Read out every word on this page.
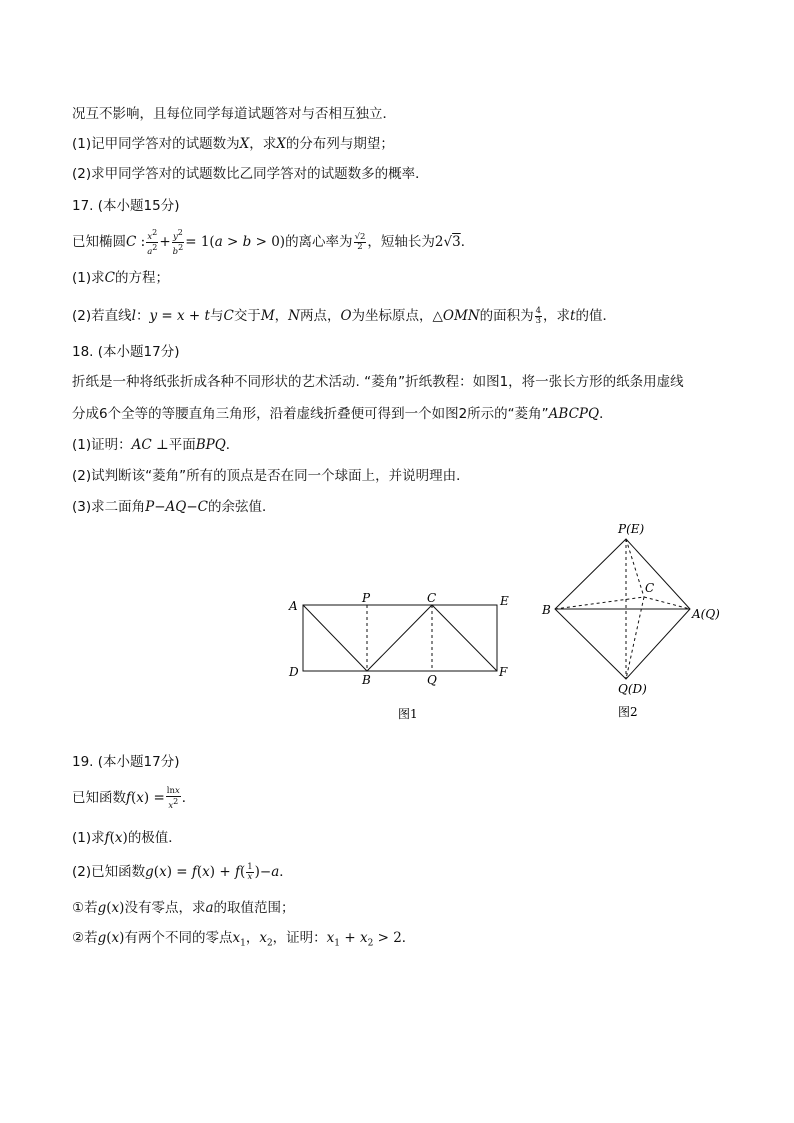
况互不影响，且每位同学每道试题答对与否相互独立．
(1)记甲同学答对的试题数为X，求X的分布列与期望；
(2)求甲同学答对的试题数比乙同学答对的试题数多的概率．
17. (本小题15分)
已知椭圆C : $\frac{x^2}{a^2} + \frac{y^2}{b^2} = 1(a > b > 0)$的离心率为 $\frac{√2}{2}$ ，短轴长为2√3．
(1)求C的方程；
(2)若直线l：y = x + t与C交于M，N两点，O为坐标原点，△OMN的面积为 $\frac{4}{3}$ ，求t的值．
18. (本小题17分)
折纸是一种将纸张折成各种不同形状的艺术活动. “菱角”折纸教程：如图1，将一张长方形的纸条用虚线
分成6个全等的等腰直角三角形，沿着虚线折叠便可得到一个如图2所示的“菱角”ABCPQ．
(1)证明：AC ⊥平面BPQ．
(2)试判断该“菱角”所有的顶点是否在同一个球面上，并说明理由．
(3)求二面角P−AQ−C的余弦值．
A
P	C	E
D
B	Q
F
图1
P(E)
C
B	A(Q)
Q(D)
图2
19. (本小题17分)
已知函数$f(x) = \frac{\ln x}{x^2}$ ．
(1)求f(x)的极值．
(2)已知函数$g(x) = f(x) + f( \frac{1}{x} )-a$．
①若g(x)没有零点，求a的取值范围；
②若g(x)有两个不同的零点$x_1$，$x_2$，证明：$x_1 + x_2 > 2$．
